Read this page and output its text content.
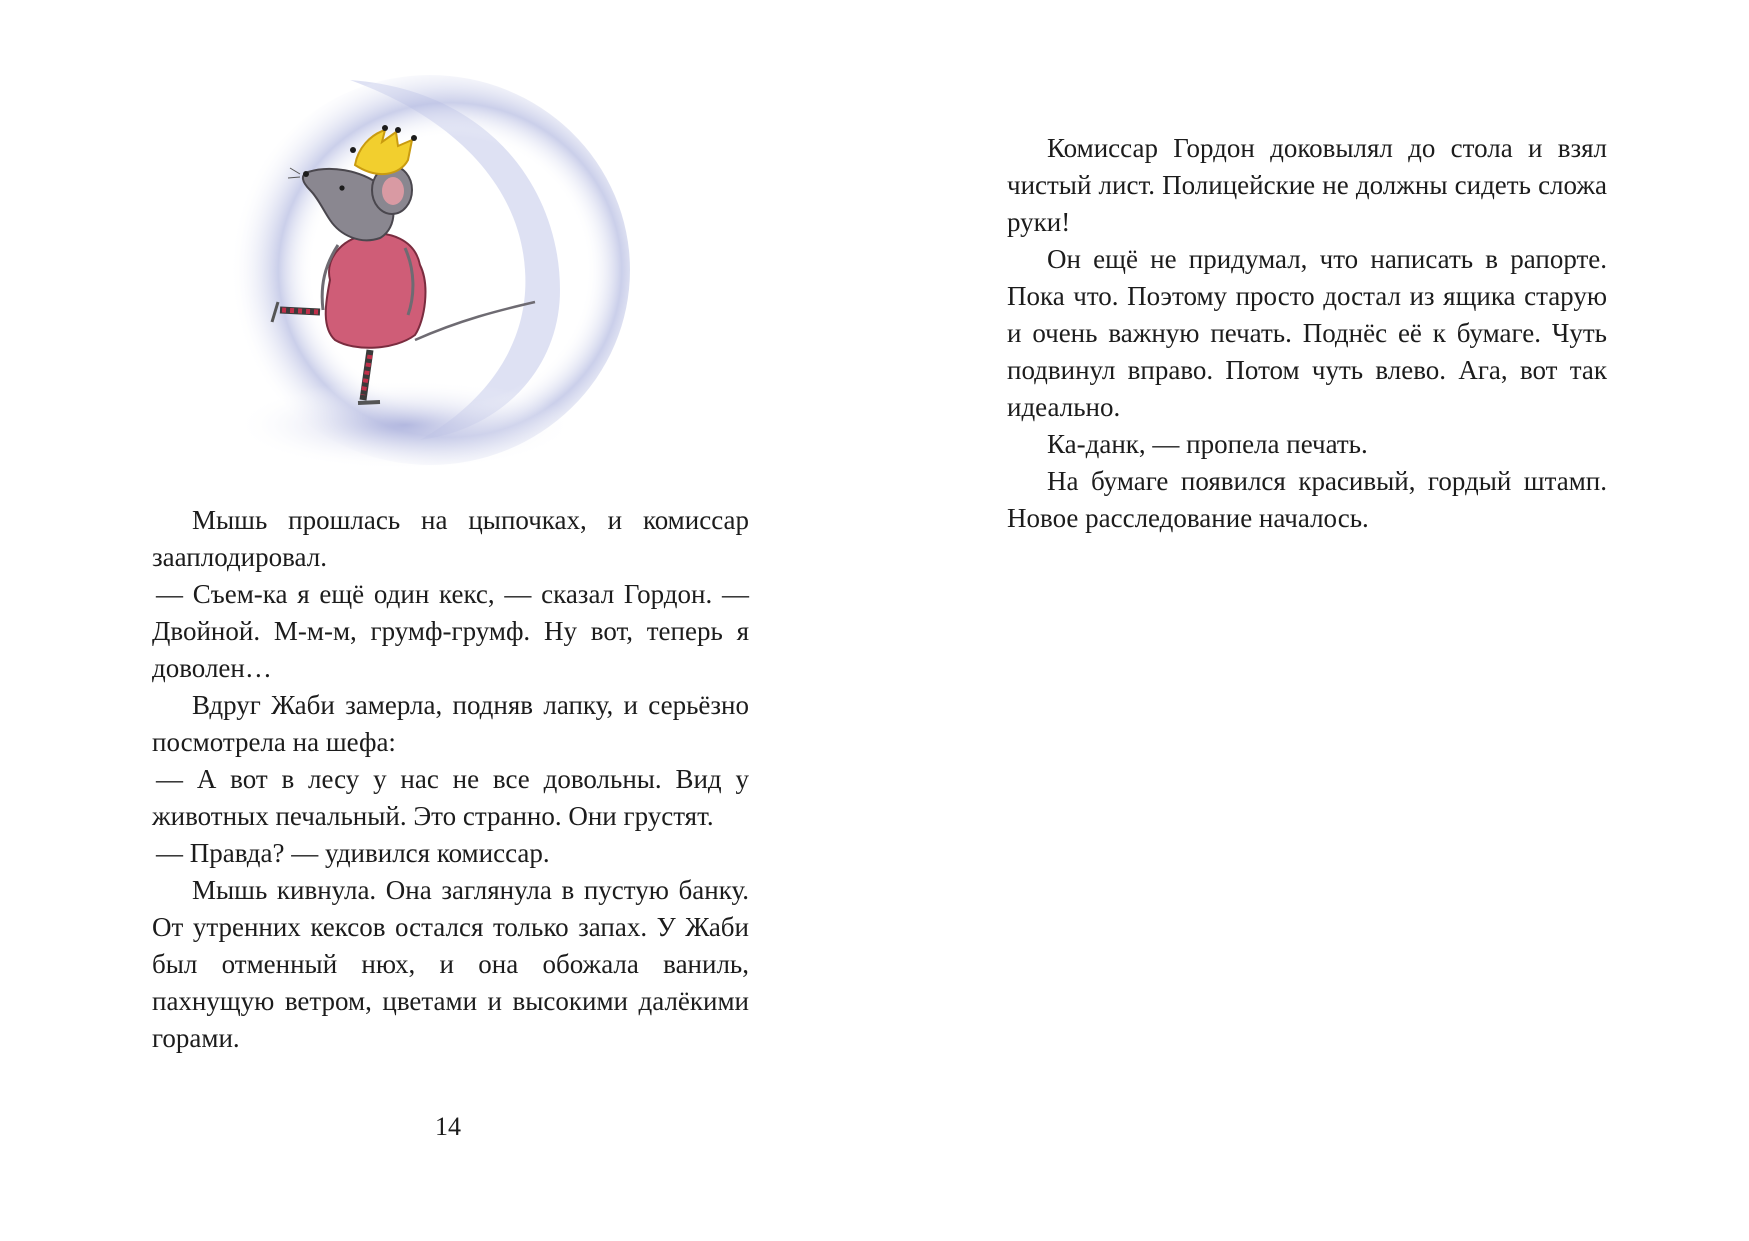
Мышь прошлась на цыпочках, и комиссар зааплодировал.

— Съем-ка я ещё один кекс, — сказал Гордон. — Двойной. М-м-м, грумф-грумф. Ну вот, теперь я доволен…

Вдруг Жаби замерла, подняв лапку, и серьёзно посмотрела на шефа:

— А вот в лесу у нас не все довольны. Вид у животных печальный. Это странно. Они грустят.

— Правда? — удивился комиссар.

Мышь кивнула. Она заглянула в пустую банку. От утренних кексов остался только запах. У Жаби был отменный нюх, и она обожала ваниль, пахнущую ветром, цветами и высокими далёкими горами.

14

Комиссар Гордон доковылял до стола и взял чистый лист. Полицейские не должны сидеть сложа руки!

Он ещё не придумал, что написать в рапорте. Пока что. Поэтому просто достал из ящика старую и очень важную печать. Поднёс её к бумаге. Чуть подвинул вправо. Потом чуть влево. Ага, вот так идеально.

Ка-данк, — пропела печать.

На бумаге появился красивый, гордый штамп. Новое расследование началось.
